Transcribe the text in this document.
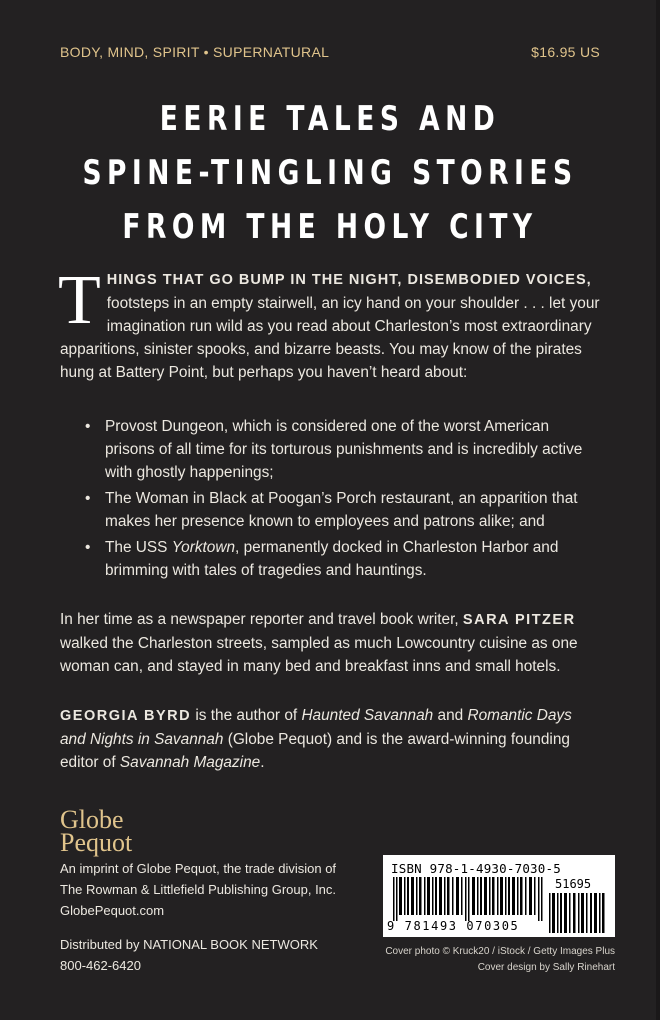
BODY, MIND, SPIRIT • SUPERNATURAL	$16.95 US
EERIE TALES AND
SPINE-TINGLING STORIES
FROM THE HOLY CITY
THINGS THAT GO BUMP IN THE NIGHT, DISEMBODIED VOICES, footsteps in an empty stairwell, an icy hand on your shoulder . . . let your imagination run wild as you read about Charleston’s most extraordinary apparitions, sinister spooks, and bizarre beasts. You may know of the pirates hung at Battery Point, but perhaps you haven’t heard about:
• Provost Dungeon, which is considered one of the worst American prisons of all time for its torturous punishments and is incredibly active with ghostly happenings;
• The Woman in Black at Poogan’s Porch restaurant, an apparition that makes her presence known to employees and patrons alike; and
• The USS Yorktown, permanently docked in Charleston Harbor and brimming with tales of tragedies and hauntings.
In her time as a newspaper reporter and travel book writer, SARA PITZER walked the Charleston streets, sampled as much Lowcountry cuisine as one woman can, and stayed in many bed and breakfast inns and small hotels.
GEORGIA BYRD is the author of Haunted Savannah and Romantic Days and Nights in Savannah (Globe Pequot) and is the award-winning founding editor of Savannah Magazine.
Globe
Pequot

An imprint of Globe Pequot, the trade division of

The Rowman & Littlefield Publishing Group, Inc.

GlobePequot.com

Distributed by NATIONAL BOOK NETWORK

800-462-6420

ISBN 978-1-4930-7030-5
51695
9 781493 070305

Cover photo © Kruck20 / iStock / Getty Images Plus

Cover design by Sally Rinehart
